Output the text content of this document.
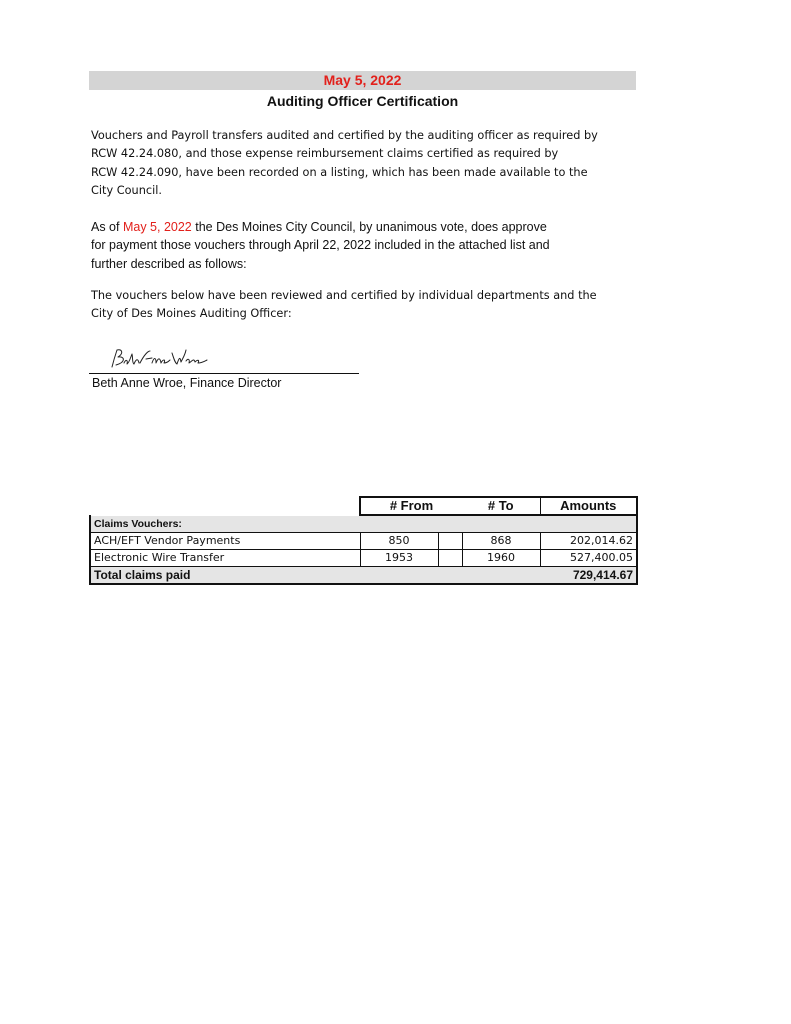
May 5, 2022
Auditing Officer Certification

Vouchers and Payroll transfers audited and certified by the auditing officer as required by
RCW 42.24.080, and those expense reimbursement claims certified as required by
RCW 42.24.090, have been recorded on a listing, which has been made available to the
City Council.

As of May 5, 2022 the Des Moines City Council, by unanimous vote, does approve
for payment those vouchers through April 22, 2022 included in the attached list and
further described as follows:

The vouchers below have been reviewed and certified by individual departments and the
City of Des Moines Auditing Officer:

Beth Anne Wroe, Finance Director
	# From		# To	Amounts
Claims Vouchers:				
ACH/EFT Vendor Payments	850		868	202,014.62
Electronic Wire Transfer	1953		1960	527,400.05
Total claims paid				729,414.67
